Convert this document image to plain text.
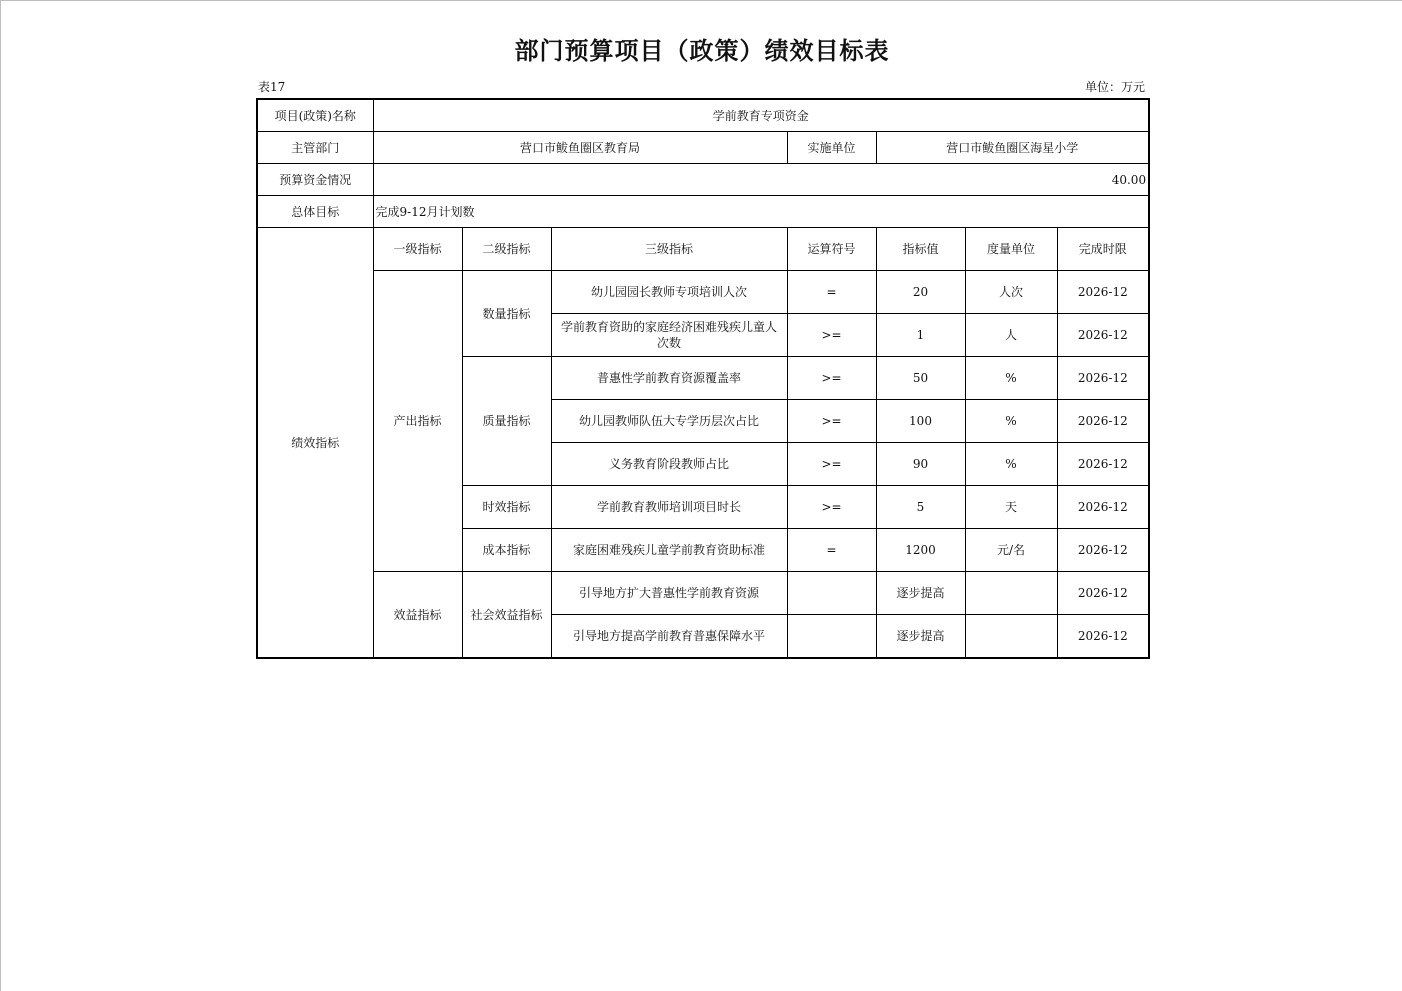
部门预算项目（政策）绩效目标表
表17	单位：万元
项目(政策)名称	学前教育专项资金						
主管部门	营口市鲅鱼圈区教育局			实施单位	营口市鲅鱼圈区海星小学		
预算资金情况	40.00						
总体目标	完成9-12月计划数						
绩效指标	一级指标	二级指标	三级指标	运算符号	指标值	度量单位	完成时限
	产出指标	数量指标	幼儿园园长教师专项培训人次	=	20	人次	2026-12
			学前教育资助的家庭经济困难残疾儿童人次数	>=	1	人	2026-12
		质量指标	普惠性学前教育资源覆盖率	>=	50	%	2026-12
			幼儿园教师队伍大专学历层次占比	>=	100	%	2026-12
			义务教育阶段教师占比	>=	90	%	2026-12
		时效指标	学前教育教师培训项目时长	>=	5	天	2026-12
		成本指标	家庭困难残疾儿童学前教育资助标准	=	1200	元/名	2026-12
	效益指标	社会效益指标	引导地方扩大普惠性学前教育资源		逐步提高		2026-12
			引导地方提高学前教育普惠保障水平		逐步提高		2026-12
